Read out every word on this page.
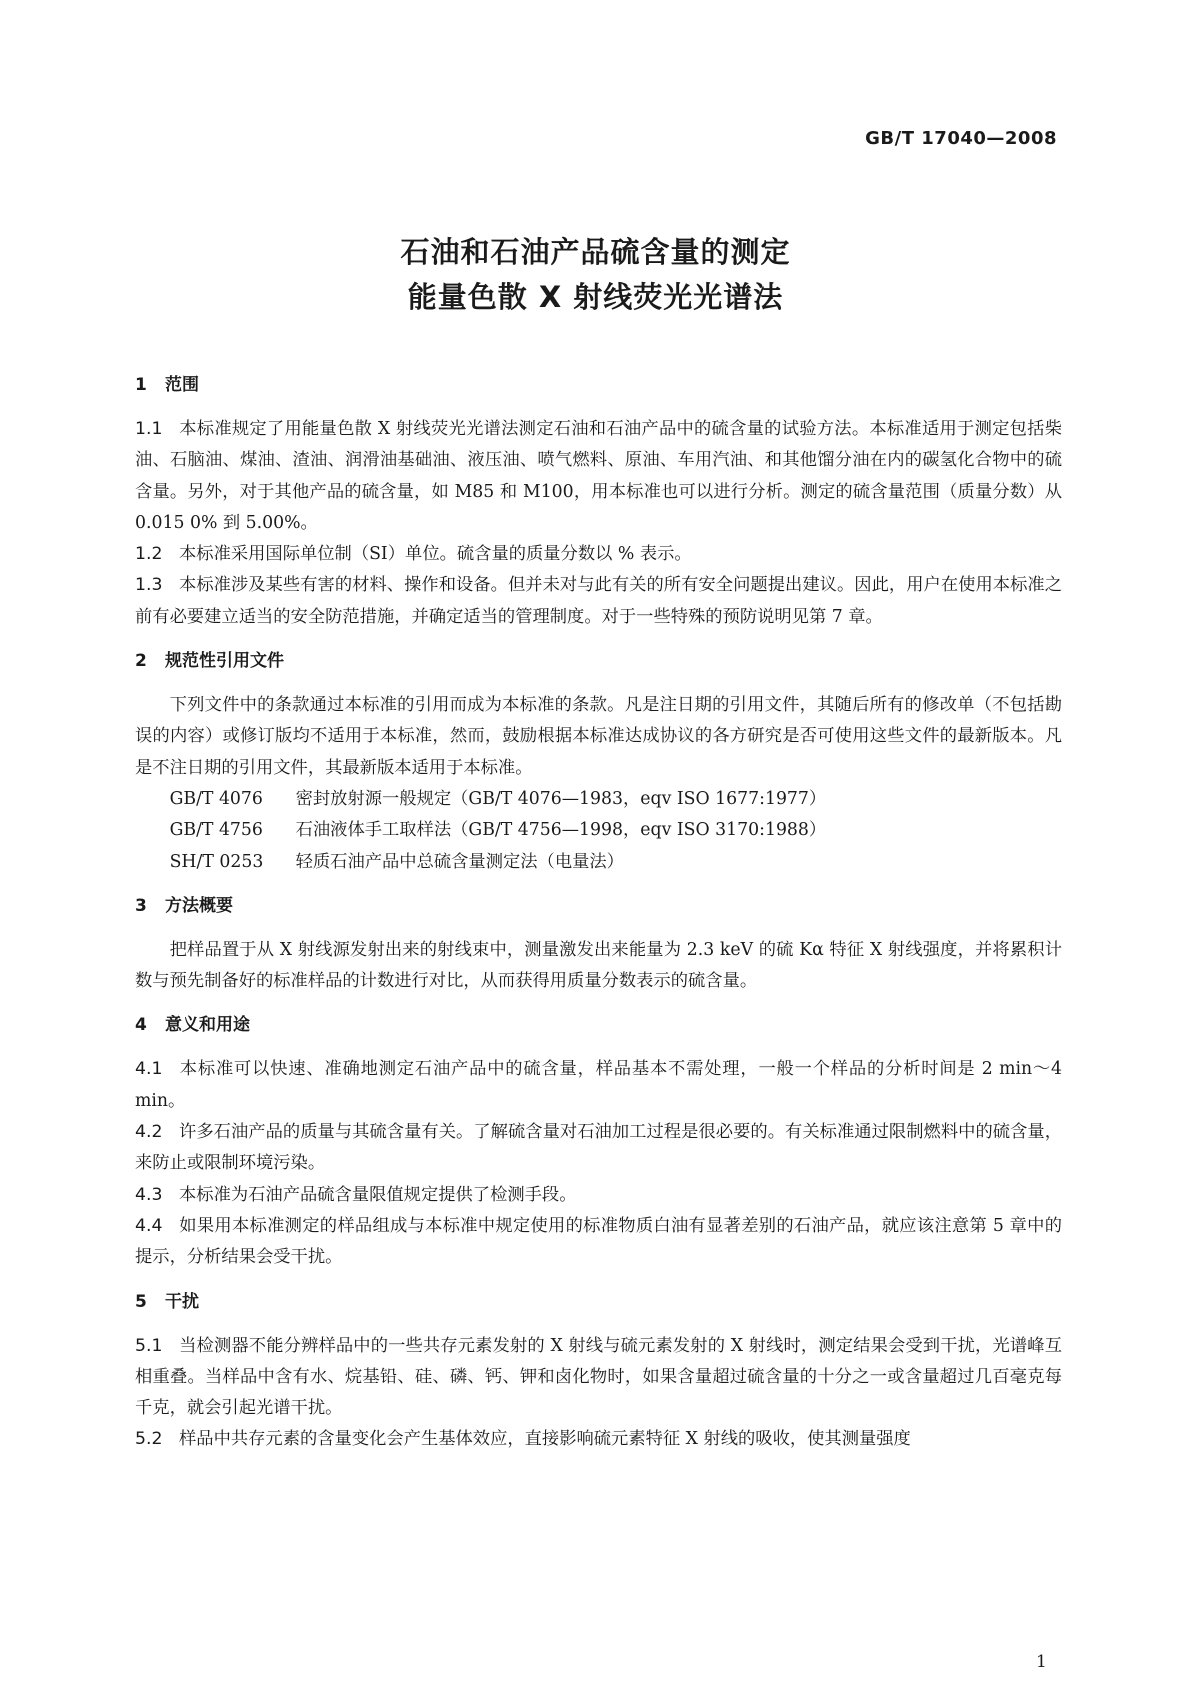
GB/T 17040—2008
石油和石油产品硫含量的测定
能量色散 X 射线荧光光谱法
1 范围

1.1 本标准规定了用能量色散 X 射线荧光光谱法测定石油和石油产品中的硫含量的试验方法。本标准适用于测定包括柴油、石脑油、煤油、渣油、润滑油基础油、液压油、喷气燃料、原油、车用汽油、和其他馏分油在内的碳氢化合物中的硫含量。另外，对于其他产品的硫含量，如 M85 和 M100，用本标准也可以进行分析。测定的硫含量范围（质量分数）从 0.015 0% 到 5.00%。

1.2 本标准采用国际单位制（SI）单位。硫含量的质量分数以 % 表示。

1.3 本标准涉及某些有害的材料、操作和设备。但并未对与此有关的所有安全问题提出建议。因此，用户在使用本标准之前有必要建立适当的安全防范措施，并确定适当的管理制度。对于一些特殊的预防说明见第 7 章。

2 规范性引用文件

下列文件中的条款通过本标准的引用而成为本标准的条款。凡是注日期的引用文件，其随后所有的修改单（不包括勘误的内容）或修订版均不适用于本标准，然而，鼓励根据本标准达成协议的各方研究是否可使用这些文件的最新版本。凡是不注日期的引用文件，其最新版本适用于本标准。

GB/T 4076 密封放射源一般规定（GB/T 4076—1983，eqv ISO 1677:1977）
GB/T 4756 石油液体手工取样法（GB/T 4756—1998，eqv ISO 3170:1988）
SH/T 0253 轻质石油产品中总硫含量测定法（电量法）
3 方法概要

把样品置于从 X 射线源发射出来的射线束中，测量激发出来能量为 2.3 keV 的硫 Kα 特征 X 射线强度，并将累积计数与预先制备好的标准样品的计数进行对比，从而获得用质量分数表示的硫含量。

4 意义和用途

4.1 本标准可以快速、准确地测定石油产品中的硫含量，样品基本不需处理，一般一个样品的分析时间是 2 min～4 min。

4.2 许多石油产品的质量与其硫含量有关。了解硫含量对石油加工过程是很必要的。有关标准通过限制燃料中的硫含量，来防止或限制环境污染。

4.3 本标准为石油产品硫含量限值规定提供了检测手段。

4.4 如果用本标准测定的样品组成与本标准中规定使用的标准物质白油有显著差别的石油产品，就应该注意第 5 章中的提示，分析结果会受干扰。

5 干扰

5.1 当检测器不能分辨样品中的一些共存元素发射的 X 射线与硫元素发射的 X 射线时，测定结果会受到干扰，光谱峰互相重叠。当样品中含有水、烷基铅、硅、磷、钙、钾和卤化物时，如果含量超过硫含量的十分之一或含量超过几百毫克每千克，就会引起光谱干扰。

5.2 样品中共存元素的含量变化会产生基体效应，直接影响硫元素特征 X 射线的吸收，使其测量强度

1
